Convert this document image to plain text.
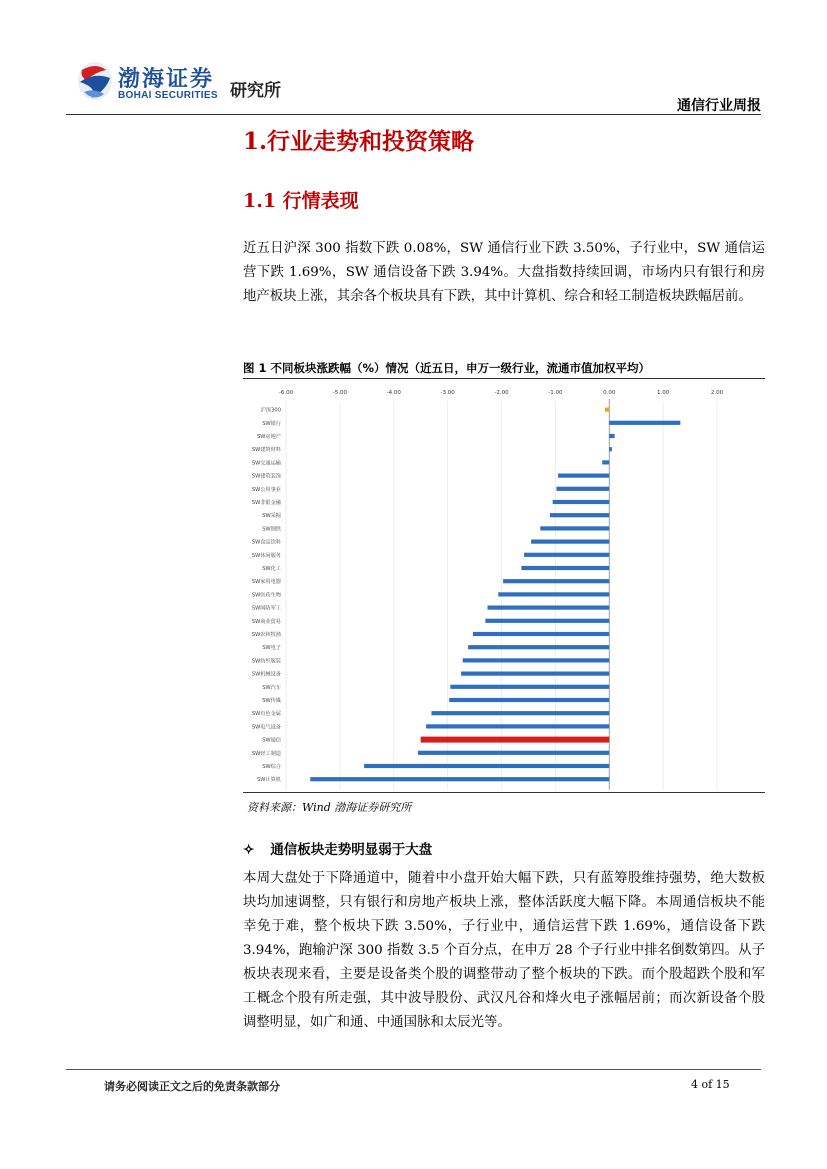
渤海证券
BOHAI SECURITIES 研究所
通信行业周报
1.行业走势和投资策略
1.1 行情表现

近五日沪深 300 指数下跌 0.08%，SW 通信行业下跌 3.50%，子行业中，SW 通信运营下跌 1.69%，SW 通信设备下跌 3.94%。大盘指数持续回调，市场内只有银行和房地产板块上涨，其余各个板块具有下跌，其中计算机、综合和轻工制造板块跌幅居前。

图 1 不同板块涨跌幅（%）情况（近五日，申万一级行业，流通市值加权平均）
-6.00	-5.00	-4.00	-3.00	-2.00	-1.00	0.00	1.00	2.00
沪深300
SW银行
SW房地产
SW建筑材料
SW交通运输
SW建筑装饰
SW公用事业
SW非银金融
SW采掘
SW钢铁
SW食品饮料
SW休闲服务
SW化工
SW家用电器
SW医药生物
SW国防军工
SW商业贸易
SW农林牧渔
SW电子
SW纺织服装
SW机械设备
SW汽车
SW传媒
SW有色金属
SW电气设备
SW通信
SW轻工制造
SW综合
SW计算机
资料来源：Wind 渤海证券研究所
✧ 通信板块走势明显弱于大盘

本周大盘处于下降通道中，随着中小盘开始大幅下跌，只有蓝筹股维持强势，绝大数板块均加速调整，只有银行和房地产板块上涨，整体活跃度大幅下降。本周通信板块不能幸免于难，整个板块下跌 3.50%，子行业中，通信运营下跌 1.69%，通信设备下跌 3.94%，跑输沪深 300 指数 3.5 个百分点，在申万 28 个子行业中排名倒数第四。从子板块表现来看，主要是设备类个股的调整带动了整个板块的下跌。而个股超跌个股和军工概念个股有所走强，其中波导股份、武汉凡谷和烽火电子涨幅居前；而次新设备个股调整明显，如广和通、中通国脉和太辰光等。

请务必阅读正文之后的免责条款部分	4 of 15
